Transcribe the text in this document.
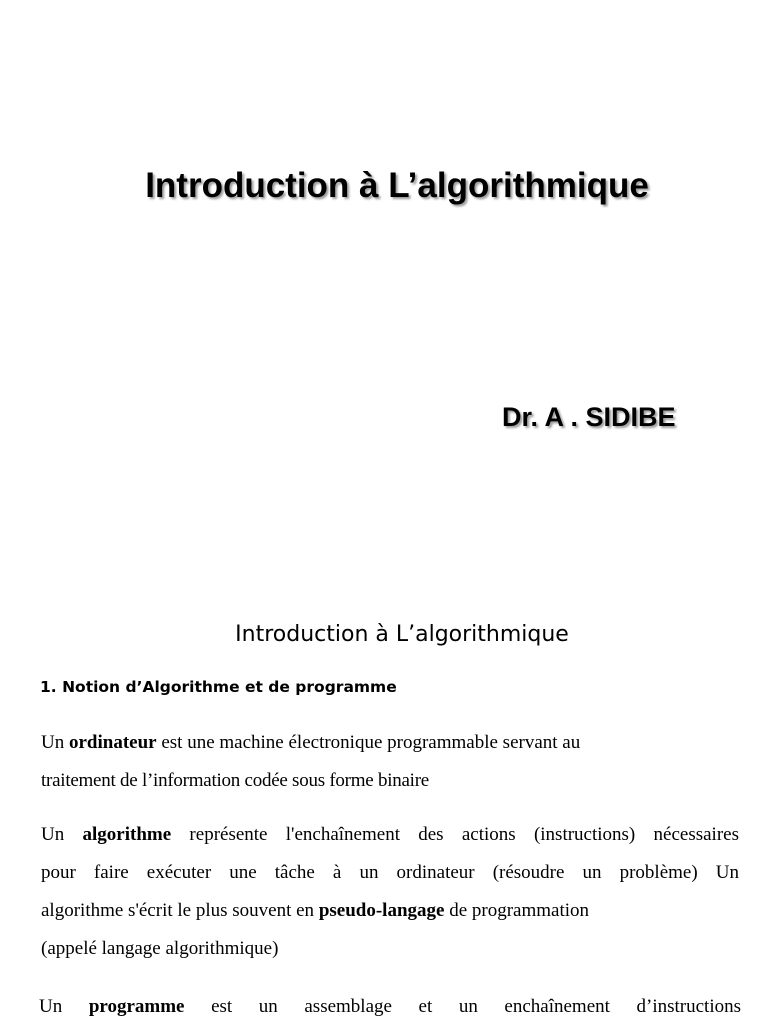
Introduction à L’algorithmique
Dr. A . SIDIBE
Introduction à L’algorithmique
1. Notion d’Algorithme et de programme
Un ordinateur est une machine électronique programmable servant au
traitement de l’information codée sous forme binaire
Un algorithme représente l'enchaînement des actions (instructions) nécessaires
pour faire exécuter une tâche à un ordinateur (résoudre un problème) Un
algorithme s'écrit le plus souvent en pseudo-langage de programmation
(appelé langage algorithmique)
Un programme est un assemblage et un enchaînement d’instructions
